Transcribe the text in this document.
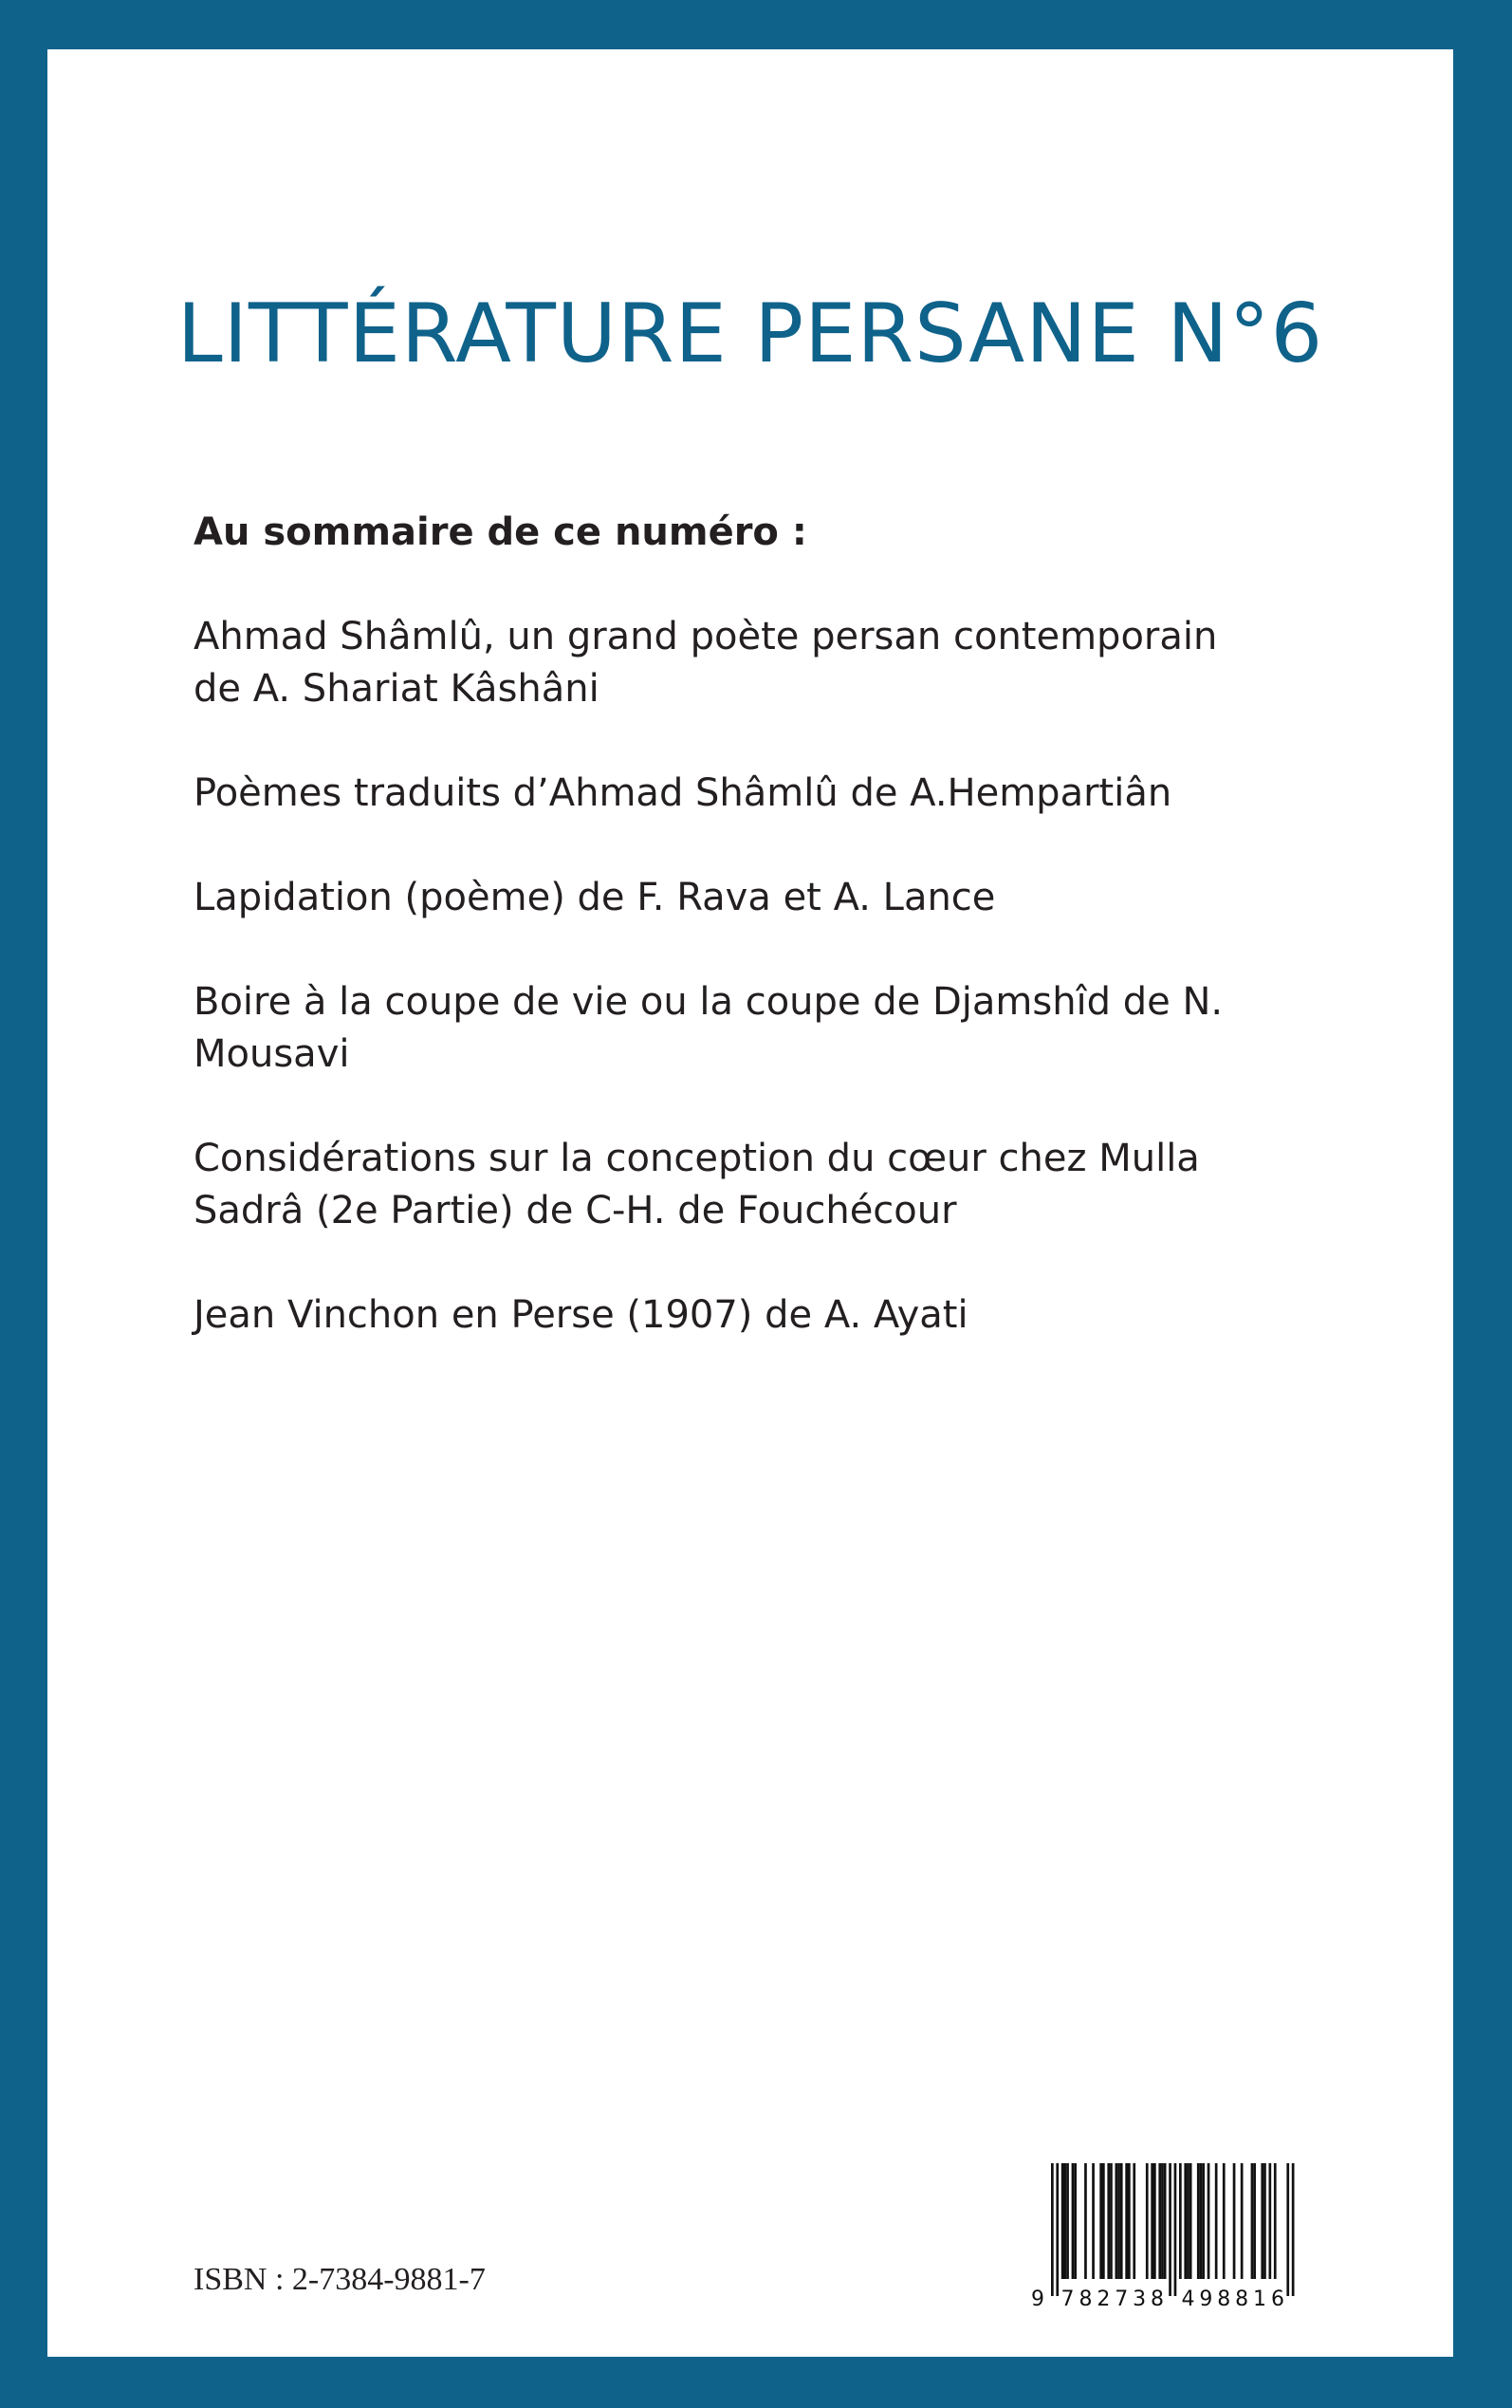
LITTÉRATURE PERSANE N°6
Au sommaire de ce numéro :
Ahmad Shâmlû, un grand poète persan contemporain
de A. Shariat Kâshâni
Poèmes traduits d’Ahmad Shâmlû de A.Hempartiân
Lapidation (poème) de F. Rava et A. Lance
Boire à la coupe de vie ou la coupe de Djamshîd de N.
Mousavi
Considérations sur la conception du cœur chez Mulla
Sadrâ (2e Partie) de C-H. de Fouchécour
Jean Vinchon en Perse (1907) de A. Ayati
ISBN : 2-7384-9881-7
9 7 8 2 7 3 8 4 9 8 8 1 6
